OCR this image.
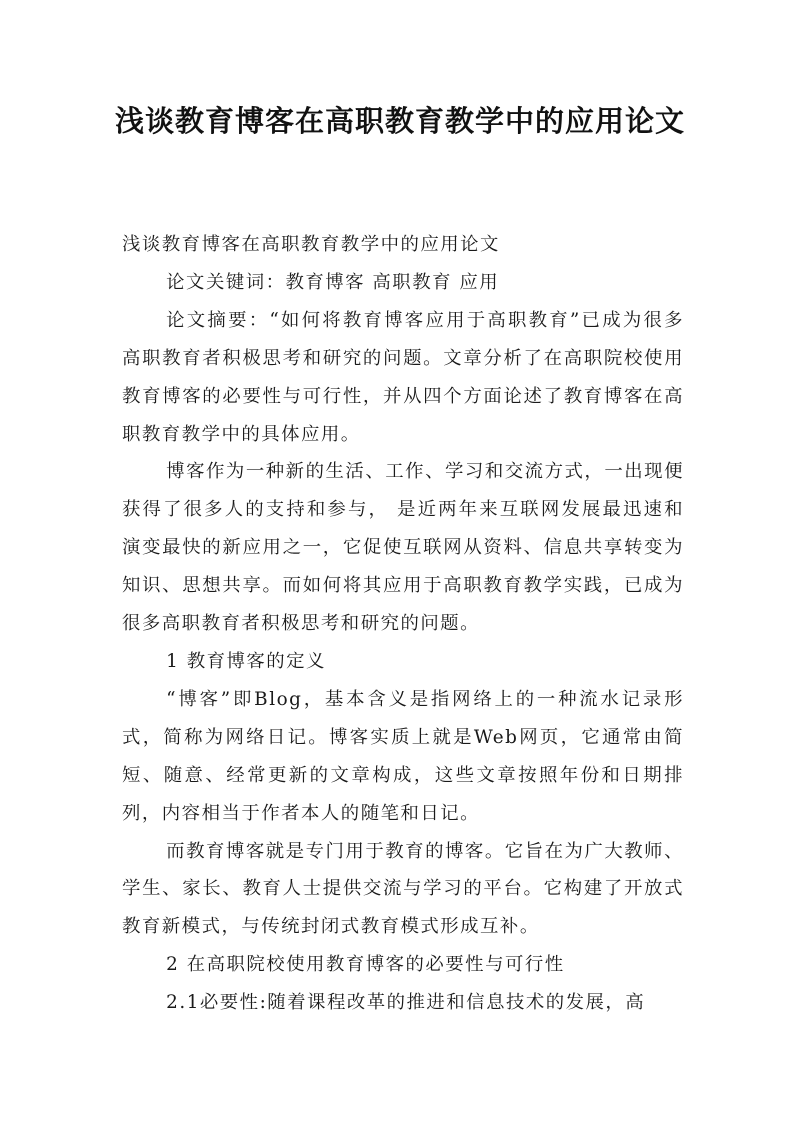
浅谈教育博客在高职教育教学中的应用论文

浅谈教育博客在高职教育教学中的应用论文

论文关键词：教育博客 高职教育 应用

论文摘要：“如何将教育博客应用于高职教育”已成为很多高职教育者积极思考和研究的问题。文章分析了在高职院校使用教育博客的必要性与可行性，并从四个方面论述了教育博客在高职教育教学中的具体应用。

博客作为一种新的生活、工作、学习和交流方式，一出现便获得了很多人的支持和参与， 是近两年来互联网发展最迅速和演变最快的新应用之一，它促使互联网从资料、信息共享转变为知识、思想共享。而如何将其应用于高职教育教学实践，已成为很多高职教育者积极思考和研究的问题。

1 教育博客的定义

“博客”即Blog，基本含义是指网络上的一种流水记录形式，简称为网络日记。博客实质上就是Web网页，它通常由简短、随意、经常更新的文章构成，这些文章按照年份和日期排列，内容相当于作者本人的随笔和日记。

而教育博客就是专门用于教育的博客。它旨在为广大教师、学生、家长、教育人士提供交流与学习的平台。它构建了开放式教育新模式，与传统封闭式教育模式形成互补。

2 在高职院校使用教育博客的必要性与可行性

2.1必要性:随着课程改革的推进和信息技术的发展，高
